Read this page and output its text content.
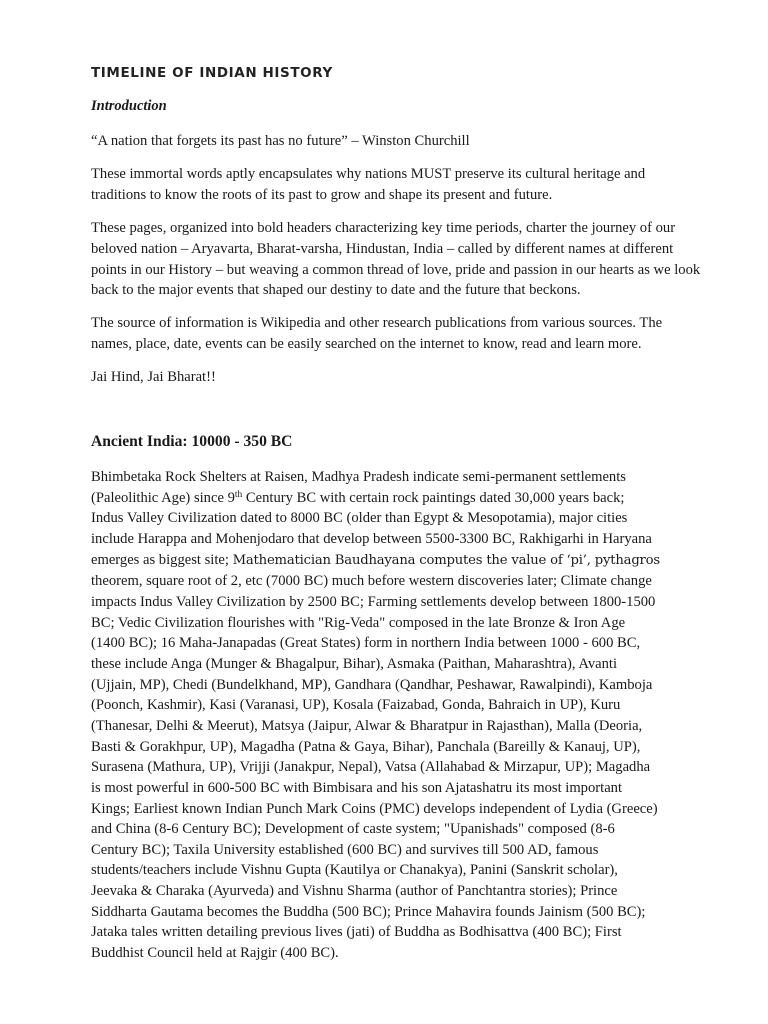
TIMELINE OF INDIAN HISTORY
Introduction

“A nation that forgets its past has no future” – Winston Churchill

These immortal words aptly encapsulates why nations MUST preserve its cultural heritage and traditions to know the roots of its past to grow and shape its present and future.

These pages, organized into bold headers characterizing key time periods, charter the journey of our beloved nation – Aryavarta, Bharat-varsha, Hindustan, India – called by different names at different points in our History – but weaving a common thread of love, pride and passion in our hearts as we look back to the major events that shaped our destiny to date and the future that beckons.

The source of information is Wikipedia and other research publications from various sources. The names, place, date, events can be easily searched on the internet to know, read and learn more.

Jai Hind, Jai Bharat!!

Ancient India: 10000 - 350 BC
Bhimbetaka Rock Shelters at Raisen, Madhya Pradesh indicate semi-permanent settlements
(Paleolithic Age) since 9th Century BC with certain rock paintings dated 30,000 years back;
Indus Valley Civilization dated to 8000 BC (older than Egypt & Mesopotamia), major cities
include Harappa and Mohenjodaro that develop between 5500-3300 BC, Rakhigarhi in Haryana
emerges as biggest site; Mathematician Baudhayana computes the value of ‘pi’, pythagros
theorem, square root of 2, etc (7000 BC) much before western discoveries later; Climate change
impacts Indus Valley Civilization by 2500 BC; Farming settlements develop between 1800-1500
BC; Vedic Civilization flourishes with "Rig-Veda" composed in the late Bronze & Iron Age
(1400 BC); 16 Maha-Janapadas (Great States) form in northern India between 1000 - 600 BC,
these include Anga (Munger & Bhagalpur, Bihar), Asmaka (Paithan, Maharashtra), Avanti
(Ujjain, MP), Chedi (Bundelkhand, MP), Gandhara (Qandhar, Peshawar, Rawalpindi), Kamboja
(Poonch, Kashmir), Kasi (Varanasi, UP), Kosala (Faizabad, Gonda, Bahraich in UP), Kuru
(Thanesar, Delhi & Meerut), Matsya (Jaipur, Alwar & Bharatpur in Rajasthan), Malla (Deoria,
Basti & Gorakhpur, UP), Magadha (Patna & Gaya, Bihar), Panchala (Bareilly & Kanauj, UP),
Surasena (Mathura, UP), Vrijji (Janakpur, Nepal), Vatsa (Allahabad & Mirzapur, UP); Magadha
is most powerful in 600-500 BC with Bimbisara and his son Ajatashatru its most important
Kings; Earliest known Indian Punch Mark Coins (PMC) develops independent of Lydia (Greece)
and China (8-6 Century BC); Development of caste system; "Upanishads" composed (8-6
Century BC); Taxila University established (600 BC) and survives till 500 AD, famous
students/teachers include Vishnu Gupta (Kautilya or Chanakya), Panini (Sanskrit scholar),
Jeevaka & Charaka (Ayurveda) and Vishnu Sharma (author of Panchtantra stories); Prince
Siddharta Gautama becomes the Buddha (500 BC); Prince Mahavira founds Jainism (500 BC);
Jataka tales written detailing previous lives (jati) of Buddha as Bodhisattva (400 BC); First
Buddhist Council held at Rajgir (400 BC).
